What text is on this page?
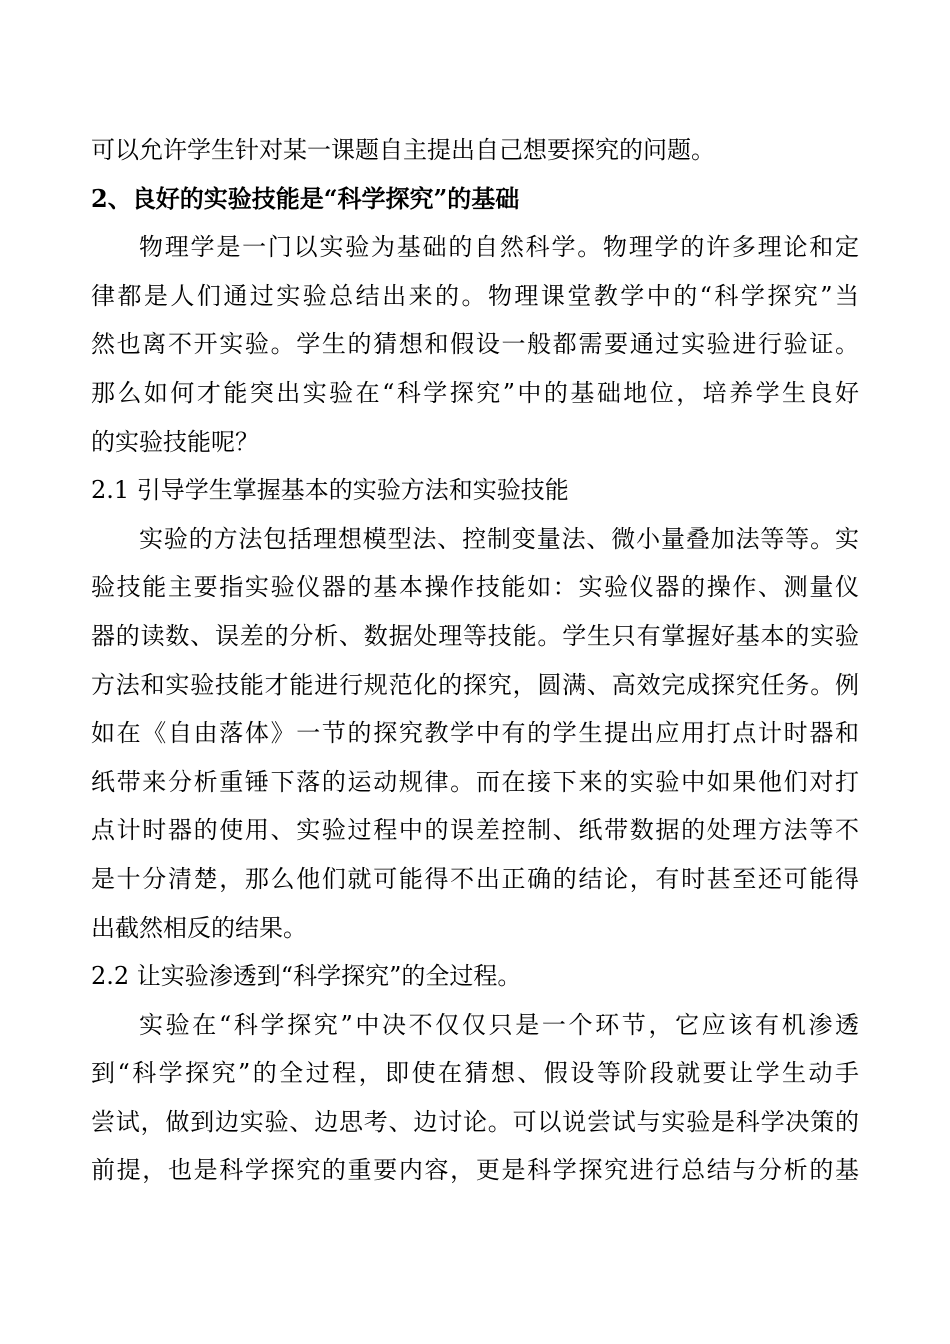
可以允许学生针对某一课题自主提出自己想要探究的问题。
2、良好的实验技能是“科学探究”的基础
物理学是一门以实验为基础的自然科学。物理学的许多理论和定
律都是人们通过实验总结出来的。物理课堂教学中的“科学探究”当
然也离不开实验。学生的猜想和假设一般都需要通过实验进行验证。
那么如何才能突出实验在“科学探究”中的基础地位，培养学生良好
的实验技能呢？
2.1 引导学生掌握基本的实验方法和实验技能
实验的方法包括理想模型法、控制变量法、微小量叠加法等等。实
验技能主要指实验仪器的基本操作技能如：实验仪器的操作、测量仪
器的读数、误差的分析、数据处理等技能。学生只有掌握好基本的实验
方法和实验技能才能进行规范化的探究，圆满、高效完成探究任务。例
如在《自由落体》一节的探究教学中有的学生提出应用打点计时器和
纸带来分析重锤下落的运动规律。而在接下来的实验中如果他们对打
点计时器的使用、实验过程中的误差控制、纸带数据的处理方法等不
是十分清楚，那么他们就可能得不出正确的结论，有时甚至还可能得
出截然相反的结果。
2.2 让实验渗透到“科学探究”的全过程。
实验在“科学探究”中决不仅仅只是一个环节，它应该有机渗透
到“科学探究”的全过程，即使在猜想、假设等阶段就要让学生动手
尝试，做到边实验、边思考、边讨论。可以说尝试与实验是科学决策的
前提，也是科学探究的重要内容，更是科学探究进行总结与分析的基
